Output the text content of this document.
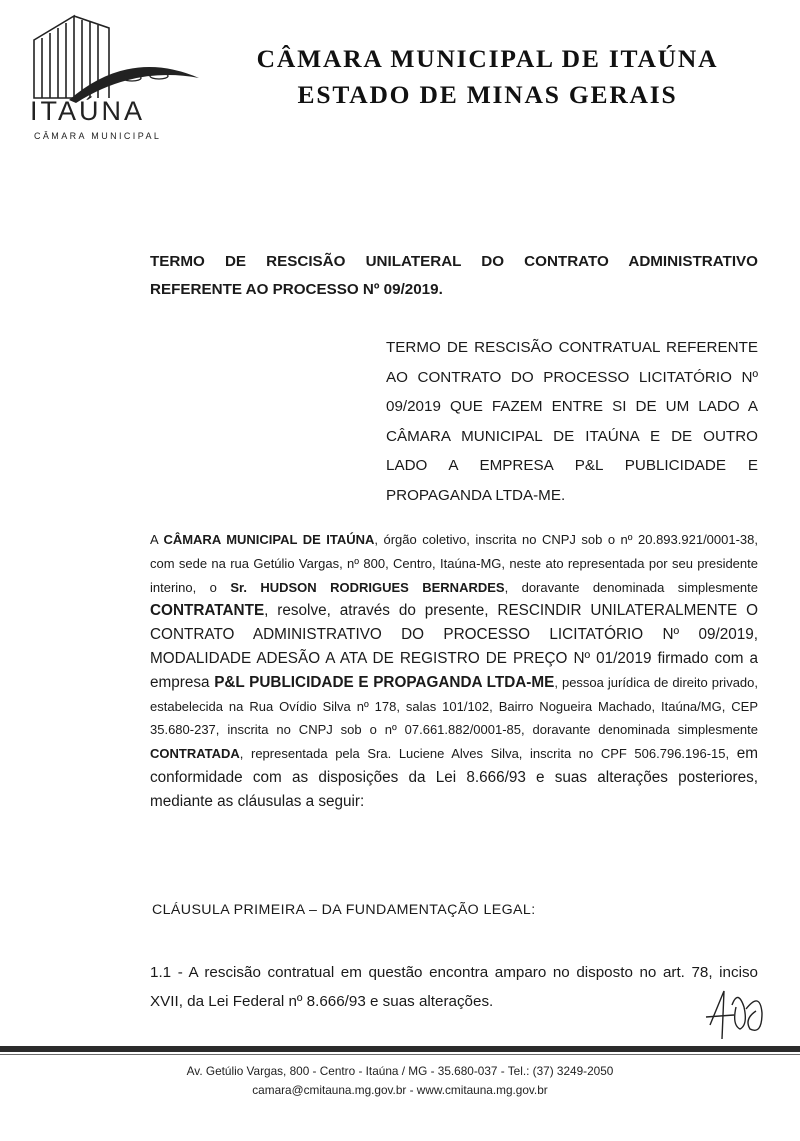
ITAÚNA
CÂMARA MUNICIPAL
CÂMARA MUNICIPAL DE ITAÚNA
ESTADO DE MINAS GERAIS
TERMO DE RESCISÃO UNILATERAL DO CONTRATO ADMINISTRATIVO REFERENTE AO PROCESSO Nº 09/2019.
TERMO DE RESCISÃO CONTRATUAL REFERENTE AO CONTRATO DO PROCESSO LICITATÓRIO Nº 09/2019 QUE FAZEM ENTRE SI DE UM LADO A CÂMARA MUNICIPAL DE ITAÚNA E DE OUTRO LADO A EMPRESA P&L PUBLICIDADE E PROPAGANDA LTDA-ME.
A CÂMARA MUNICIPAL DE ITAÚNA, órgão coletivo, inscrita no CNPJ sob o nº 20.893.921/0001-38, com sede na rua Getúlio Vargas, nº 800, Centro, Itaúna-MG, neste ato representada por seu presidente interino, o Sr. HUDSON RODRIGUES BERNARDES, doravante denominada simplesmente CONTRATANTE, resolve, através do presente, RESCINDIR UNILATERALMENTE O CONTRATO ADMINISTRATIVO DO PROCESSO LICITATÓRIO Nº 09/2019, MODALIDADE ADESÃO A ATA DE REGISTRO DE PREÇO Nº 01/2019 firmado com a empresa P&L PUBLICIDADE E PROPAGANDA LTDA-ME, pessoa jurídica de direito privado, estabelecida na Rua Ovídio Silva nº 178, salas 101/102, Bairro Nogueira Machado, Itaúna/MG, CEP 35.680-237, inscrita no CNPJ sob o nº 07.661.882/0001-85, doravante denominada simplesmente CONTRATADA, representada pela Sra. Luciene Alves Silva, inscrita no CPF 506.796.196-15, em conformidade com as disposições da Lei 8.666/93 e suas alterações posteriores, mediante as cláusulas a seguir:
CLÁUSULA PRIMEIRA – DA FUNDAMENTAÇÃO LEGAL:
1.1 - A rescisão contratual em questão encontra amparo no disposto no art. 78, inciso XVII, da Lei Federal nº 8.666/93 e suas alterações.
Av. Getúlio Vargas, 800 - Centro - Itaúna / MG - 35.680-037 - Tel.: (37) 3249-2050
camara@cmitauna.mg.gov.br - www.cmitauna.mg.gov.br
